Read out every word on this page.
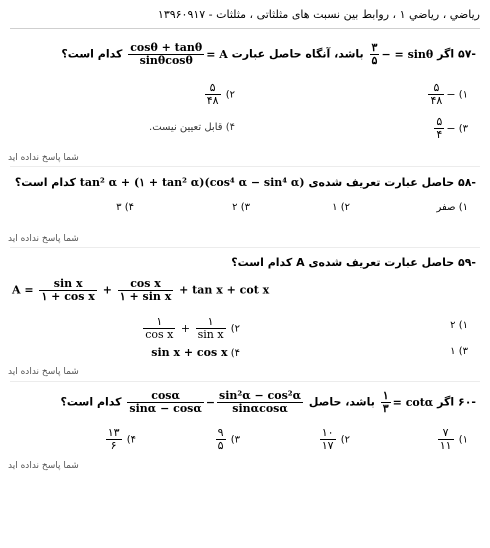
رياضي ، رياضي ۱ ، روابط بین نسبت های مثلثاتی ، مثلثات - ۱۳۹۶۰۹۱۷
-۵۷ اگر sinθ = −
$\frac{۳}{۵}$
باشد، آنگاه حاصل عبارت A =
$\frac{\cos\theta + \tan\theta}{\sin\theta\cos\theta}$
کدام است؟
۱) −
$\frac{۵}{۴۸}$
۲)
$\frac{۵}{۴۸}$
۳) −
$\frac{۵}{۴}$
۴) قابل تعیین نیست.
شما پاسخ نداده اید
-۵۸ حاصل عبارت تعریف شده‌ی (cos⁴ α − sin⁴ α)(۱ + tan² α) + tan² α کدام است؟
۱) صفر
۲) ۱
۳) ۲
۴) ۳
شما پاسخ نداده اید
-۵۹ حاصل عبارت تعریف شده‌ی A کدام است؟
$A = \frac{\text{sin x}}{\text{۱ + cos x}} + \frac{\text{cos x}}{\text{۱ + sin x}} + \tan x + \cot x$
۱) ۲
۲)
$\frac{۱}{\text{sin x}}$
+
$\frac{۱}{\text{cos x}}$
۳) ۱
۴) sin x + cos x
شما پاسخ نداده اید
-۶۰ اگر cotα =
$\frac{۱}{۳}$
باشد، حاصل
$\frac{\text{sin²α − cos²α}}{\sin\alpha\cos\alpha}$
−
$\frac{\cos\alpha}{\sin\alpha - \cos\alpha}$
کدام است؟
۱)
$\frac{۷}{۱۱}$
۲)
$\frac{۱۰}{۱۷}$
۳)
$\frac{۹}{۵}$
۴)
$\frac{۱۳}{۶}$
شما پاسخ نداده اید
